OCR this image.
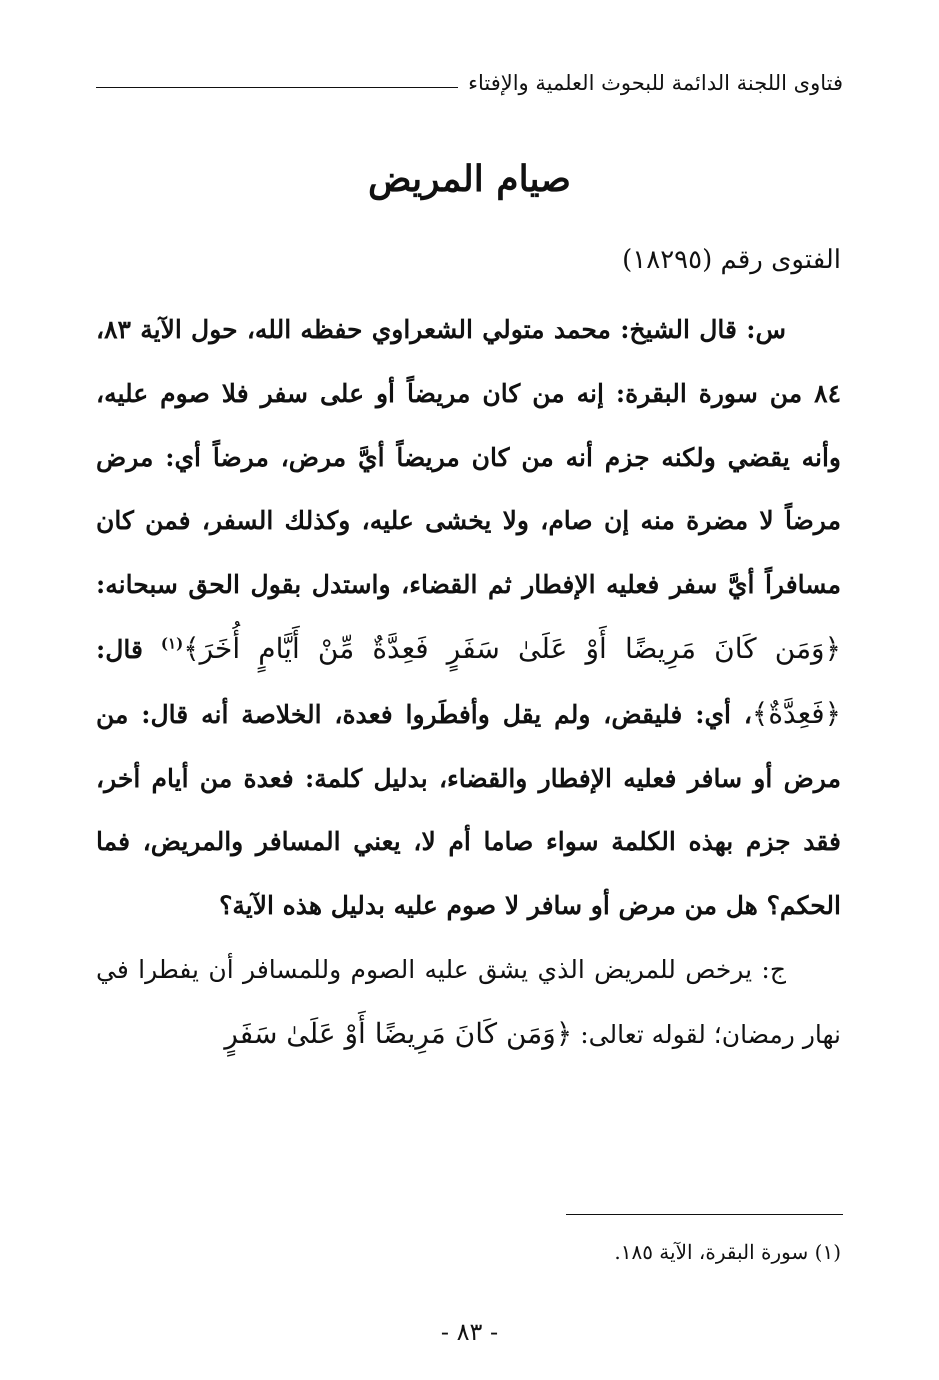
فتاوى اللجنة الدائمة للبحوث العلمية والإفتاء
صيام المريض
الفتوى رقم (١٨٢٩٥)

س: قال الشيخ: محمد متولي الشعراوي حفظه الله، حول الآية ٨٣، ٨٤ من سورة البقرة: إنه من كان مريضاً أو على سفر فلا صوم عليه، وأنه يقضي ولكنه جزم أنه من كان مريضاً أيَّ مرض، مرضاً أي: مرض مرضاً لا مضرة منه إن صام، ولا يخشى عليه، وكذلك السفر، فمن كان مسافراً أيَّ سفر فعليه الإفطار ثم القضاء، واستدل بقول الحق سبحانه: ﴿وَمَن كَانَ مَرِيضًا أَوْ عَلَىٰ سَفَرٍ فَعِدَّةٌ مِّنْ أَيَّامٍ أُخَرَ﴾$^{(١)}$ قال: ﴿فَعِدَّةٌ﴾، أي: فليقض، ولم يقل وأفطَروا فعدة، الخلاصة أنه قال: من مرض أو سافر فعليه الإفطار والقضاء، بدليل كلمة: فعدة من أيام أخر، فقد جزم بهذه الكلمة سواء صاما أم لا، يعني المسافر والمريض، فما الحكم؟ هل من مرض أو سافر لا صوم عليه بدليل هذه الآية؟

ج: يرخص للمريض الذي يشق عليه الصوم وللمسافر أن يفطرا في نهار رمضان؛ لقوله تعالى: ﴿وَمَن كَانَ مَرِيضًا أَوْ عَلَىٰ سَفَرٍ

(١) سورة البقرة، الآية ١٨٥.
- ٨٣ -
